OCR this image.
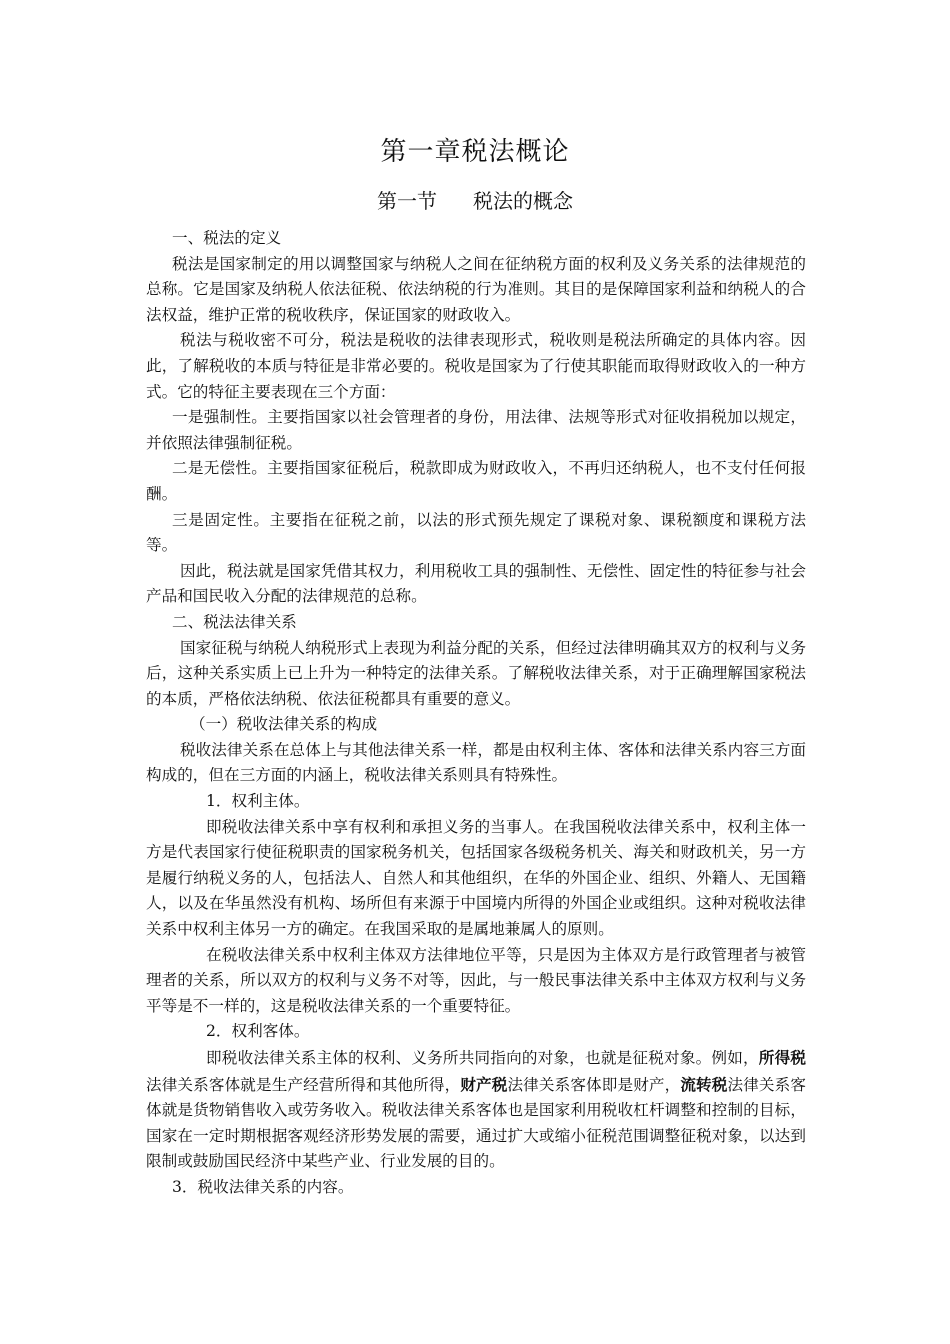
第一章税法概论
第一节 税法的概念

一、税法的定义

税法是国家制定的用以调整国家与纳税人之间在征纳税方面的权利及义务关系的法律规范的总称。它是国家及纳税人依法征税、依法纳税的行为准则。其目的是保障国家利益和纳税人的合法权益，维护正常的税收秩序，保证国家的财政收入。

税法与税收密不可分，税法是税收的法律表现形式，税收则是税法所确定的具体内容。因此，了解税收的本质与特征是非常必要的。税收是国家为了行使其职能而取得财政收入的一种方式。它的特征主要表现在三个方面：

一是强制性。主要指国家以社会管理者的身份，用法律、法规等形式对征收捐税加以规定，并依照法律强制征税。

二是无偿性。主要指国家征税后，税款即成为财政收入，不再归还纳税人，也不支付任何报酬。

三是固定性。主要指在征税之前，以法的形式预先规定了课税对象、课税额度和课税方法等。

因此，税法就是国家凭借其权力，利用税收工具的强制性、无偿性、固定性的特征参与社会产品和国民收入分配的法律规范的总称。

二、税法法律关系

国家征税与纳税人纳税形式上表现为利益分配的关系，但经过法律明确其双方的权利与义务后，这种关系实质上已上升为一种特定的法律关系。了解税收法律关系，对于正确理解国家税法的本质，严格依法纳税、依法征税都具有重要的意义。

（一）税收法律关系的构成

税收法律关系在总体上与其他法律关系一样，都是由权利主体、客体和法律关系内容三方面构成的，但在三方面的内涵上，税收法律关系则具有特殊性。

1．权利主体。

即税收法律关系中享有权利和承担义务的当事人。在我国税收法律关系中，权利主体一方是代表国家行使征税职责的国家税务机关，包括国家各级税务机关、海关和财政机关，另一方是履行纳税义务的人，包括法人、自然人和其他组织，在华的外国企业、组织、外籍人、无国籍人，以及在华虽然没有机构、场所但有来源于中国境内所得的外国企业或组织。这种对税收法律关系中权利主体另一方的确定。在我国采取的是属地兼属人的原则。

在税收法律关系中权利主体双方法律地位平等，只是因为主体双方是行政管理者与被管理者的关系，所以双方的权利与义务不对等，因此，与一般民事法律关系中主体双方权利与义务平等是不一样的，这是税收法律关系的一个重要特征。

2．权利客体。

即税收法律关系主体的权利、义务所共同指向的对象，也就是征税对象。例如，所得税法律关系客体就是生产经营所得和其他所得，财产税法律关系客体即是财产，流转税法律关系客体就是货物销售收入或劳务收入。税收法律关系客体也是国家利用税收杠杆调整和控制的目标，国家在一定时期根据客观经济形势发展的需要，通过扩大或缩小征税范围调整征税对象，以达到限制或鼓励国民经济中某些产业、行业发展的目的。

3．税收法律关系的内容。
